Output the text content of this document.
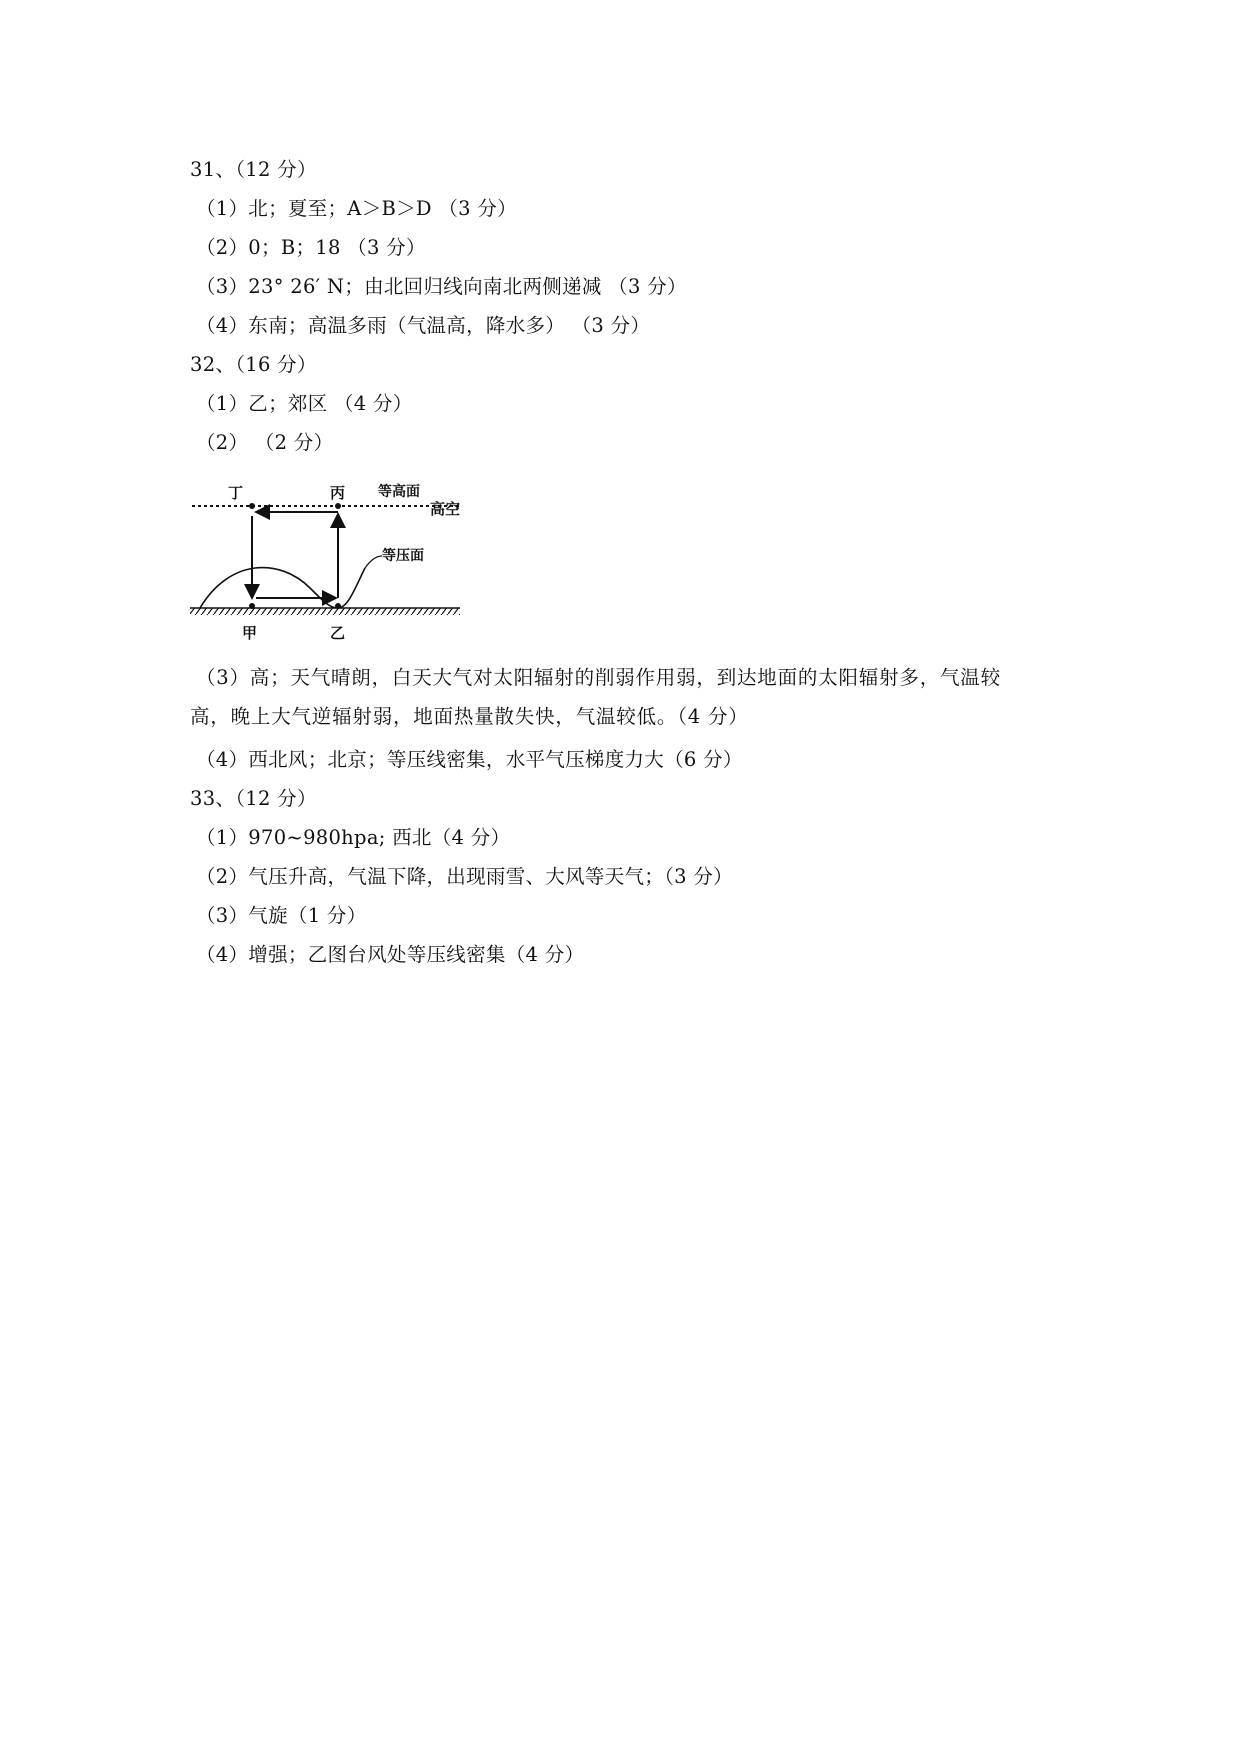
31、（12 分）
（1）北；夏至；A＞B＞D （3 分）
（2）0；B；18 （3 分）
（3）23° 26′ N；由北回归线向南北两侧递减 （3 分）
（4）东南；高温多雨（气温高，降水多） （3 分）
32、（16 分）
（1）乙；郊区 （4 分）
（2） （2 分）
丁	丙 等高面
高空
等压面
甲	乙
（3）高；天气晴朗，白天大气对太阳辐射的削弱作用弱，到达地面的太阳辐射多，气温较
高，晚上大气逆辐射弱，地面热量散失快，气温较低。（4 分）
（4）西北风；北京；等压线密集，水平气压梯度力大（6 分）
33、（12 分）
（1）970~980hpa; 西北（4 分）
（2）气压升高，气温下降，出现雨雪、大风等天气；（3 分）
（3）气旋（1 分）
（4）增强；乙图台风处等压线密集（4 分）
